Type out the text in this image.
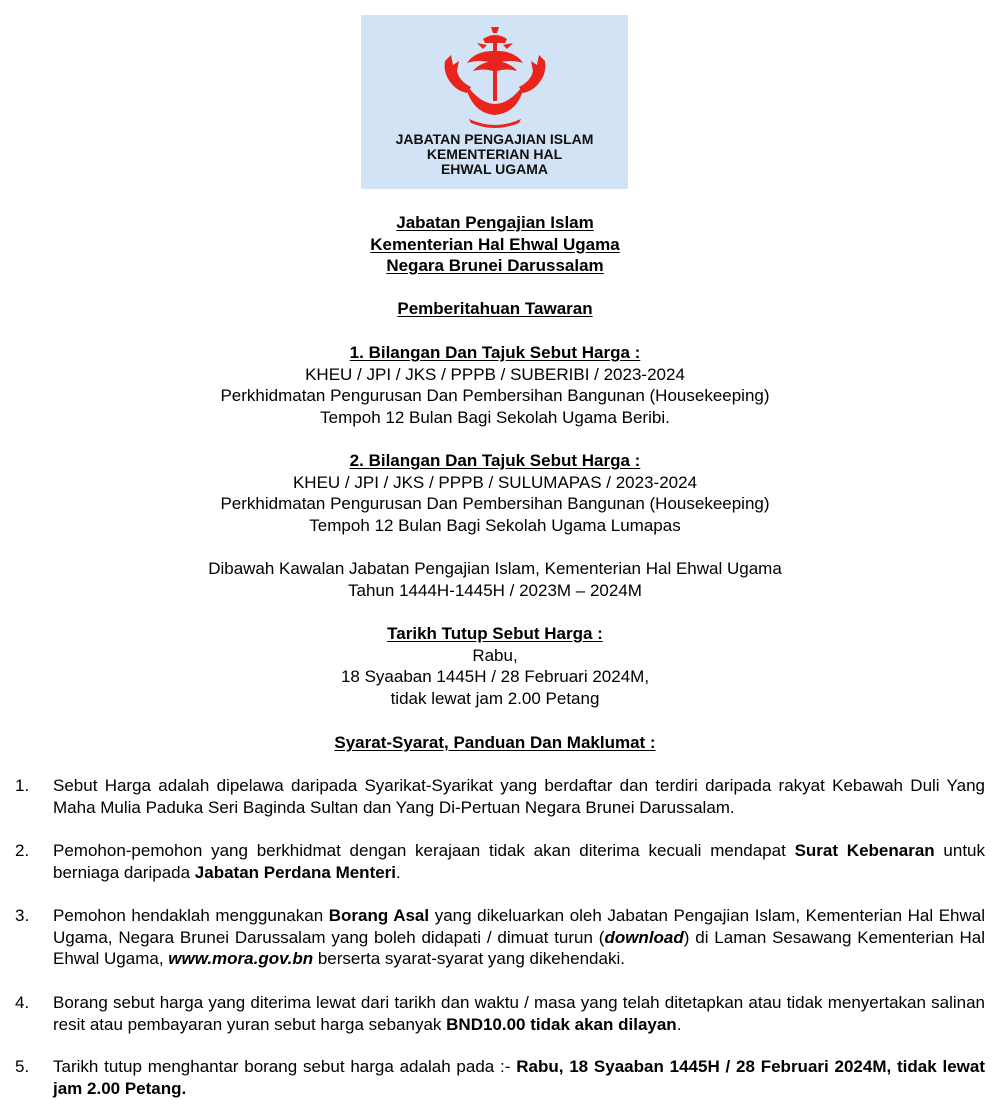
JABATAN PENGAJIAN ISLAM
KEMENTERIAN HAL
EHWAL UGAMA
Jabatan Pengajian Islam
Kementerian Hal Ehwal Ugama
Negara Brunei Darussalam
Pemberitahuan Tawaran
1. Bilangan Dan Tajuk Sebut Harga :
KHEU / JPI / JKS / PPPB / SUBERIBI / 2023-2024
Perkhidmatan Pengurusan Dan Pembersihan Bangunan (Housekeeping)
Tempoh 12 Bulan Bagi Sekolah Ugama Beribi.
2. Bilangan Dan Tajuk Sebut Harga :
KHEU / JPI / JKS / PPPB / SULUMAPAS / 2023-2024
Perkhidmatan Pengurusan Dan Pembersihan Bangunan (Housekeeping)
Tempoh 12 Bulan Bagi Sekolah Ugama Lumapas
Dibawah Kawalan Jabatan Pengajian Islam, Kementerian Hal Ehwal Ugama
Tahun 1444H-1445H / 2023M – 2024M
Tarikh Tutup Sebut Harga :
Rabu,
18 Syaaban 1445H / 28 Februari 2024M,
tidak lewat jam 2.00 Petang
Syarat-Syarat, Panduan Dan Maklumat :
1.	Sebut Harga adalah dipelawa daripada Syarikat-Syarikat yang berdaftar dan terdiri daripada rakyat Kebawah Duli Yang Maha Mulia Paduka Seri Baginda Sultan dan Yang Di-Pertuan Negara Brunei Darussalam.
2.	Pemohon-pemohon yang berkhidmat dengan kerajaan tidak akan diterima kecuali mendapat Surat Kebenaran untuk berniaga daripada Jabatan Perdana Menteri.
3.	Pemohon hendaklah menggunakan Borang Asal yang dikeluarkan oleh Jabatan Pengajian Islam, Kementerian Hal Ehwal Ugama, Negara Brunei Darussalam yang boleh didapati / dimuat turun (download) di Laman Sesawang Kementerian Hal Ehwal Ugama, www.mora.gov.bn berserta syarat-syarat yang dikehendaki.
4.	Borang sebut harga yang diterima lewat dari tarikh dan waktu / masa yang telah ditetapkan atau tidak menyertakan salinan resit atau pembayaran yuran sebut harga sebanyak BND10.00 tidak akan dilayan.
5.	Tarikh tutup menghantar borang sebut harga adalah pada :- Rabu, 18 Syaaban 1445H / 28 Februari 2024M, tidak lewat jam 2.00 Petang.
